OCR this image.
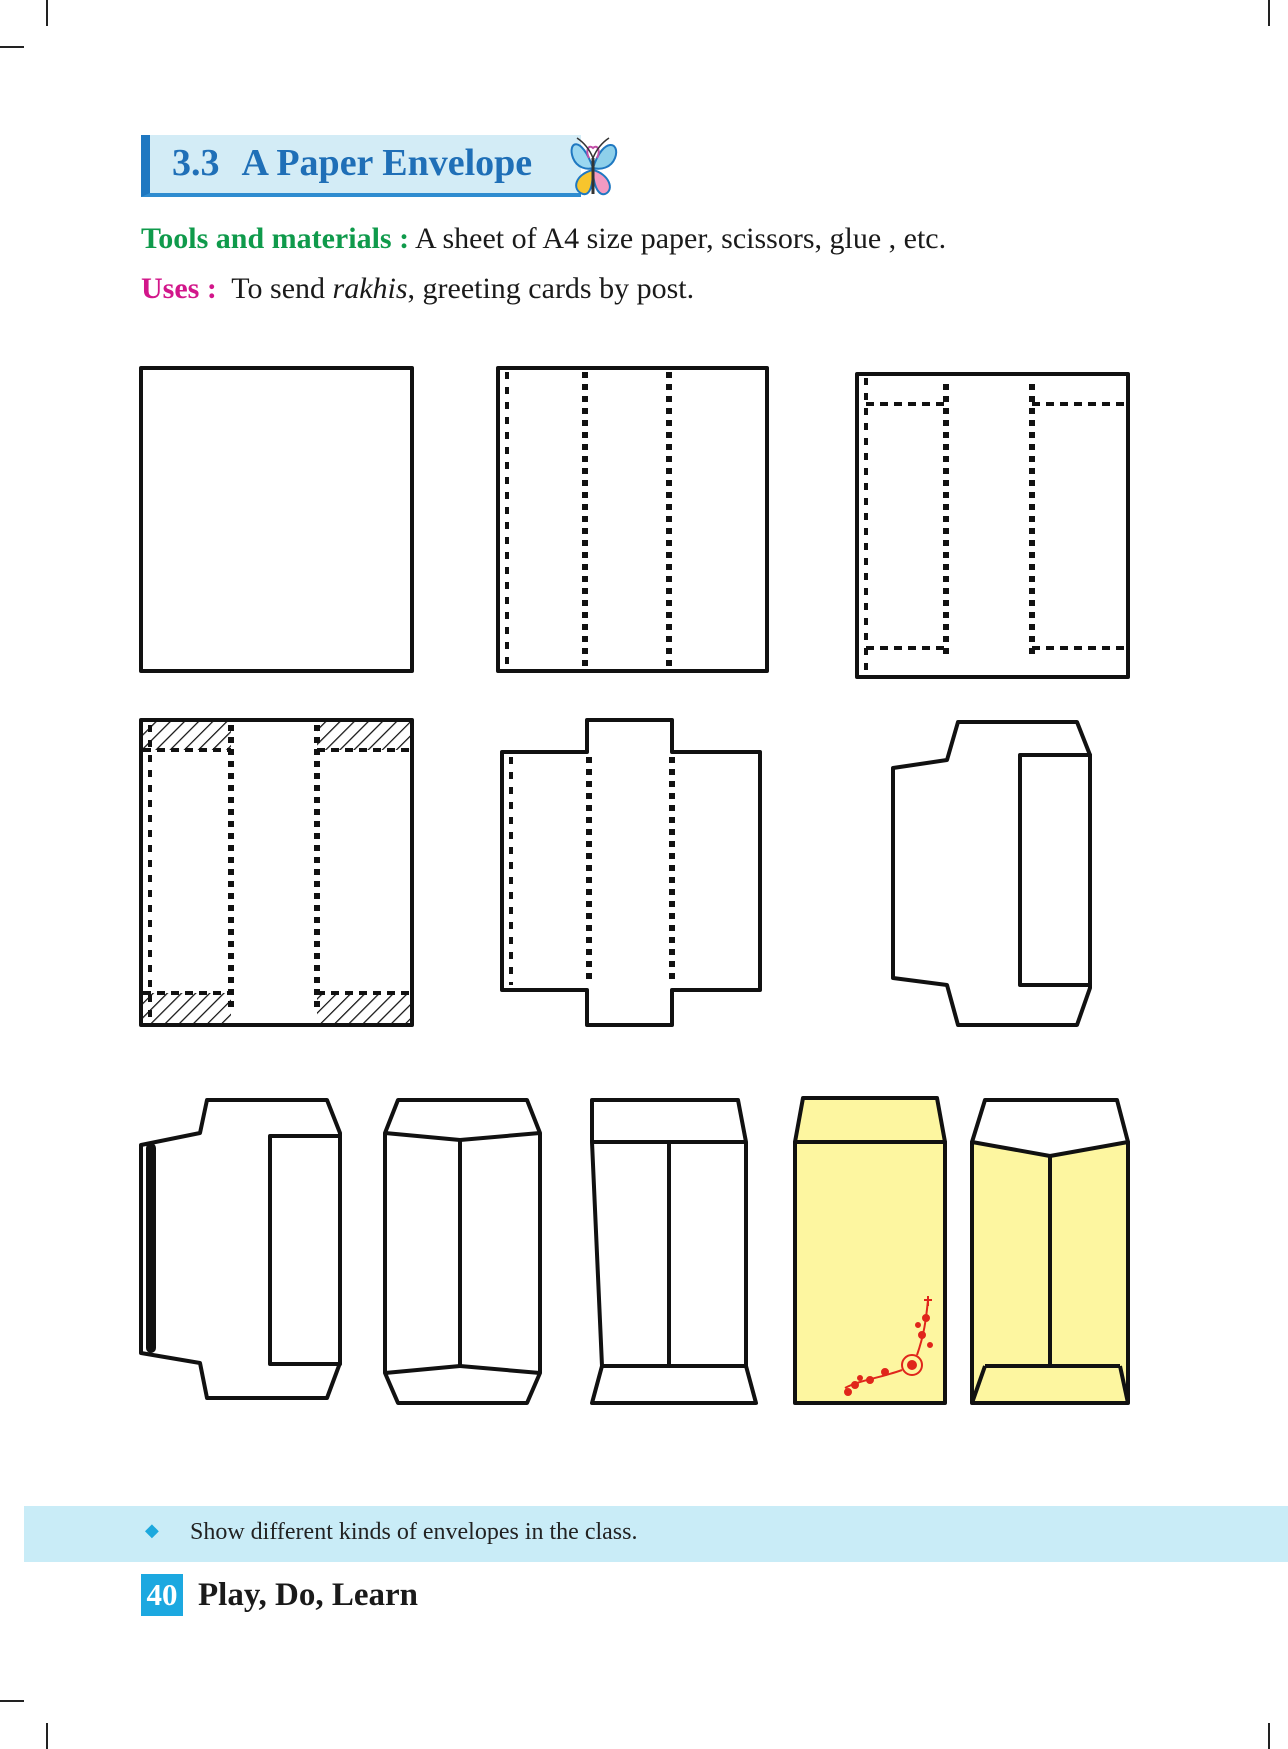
3.3 A Paper Envelope
Tools and materials : A sheet of A4 size paper, scissors, glue , etc.
Uses :  To send rakhis, greeting cards by post.
◆ Show different kinds of envelopes in the class.
40 Play, Do, Learn
